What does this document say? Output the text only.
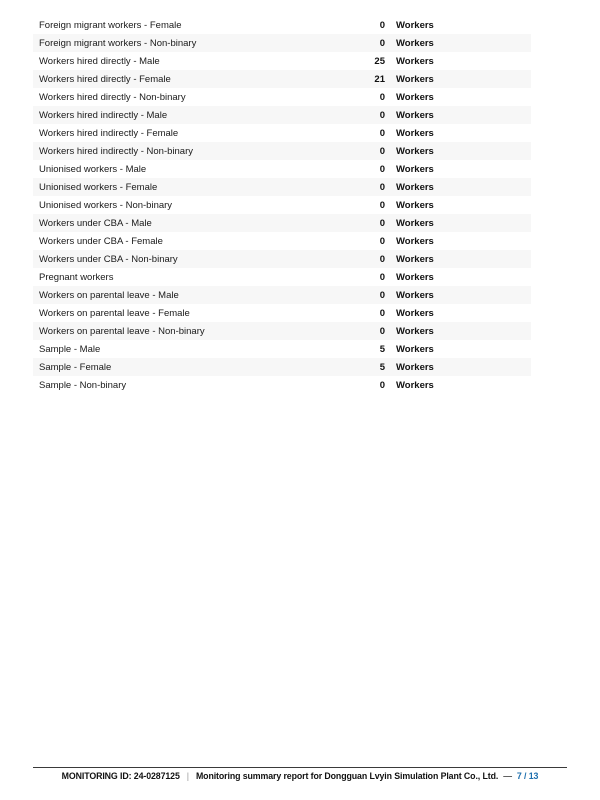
Foreign migrant workers - Female	0 Workers
Foreign migrant workers - Non-binary	0 Workers
Workers hired directly - Male	25 Workers
Workers hired directly - Female	21 Workers
Workers hired directly - Non-binary	0 Workers
Workers hired indirectly - Male	0 Workers
Workers hired indirectly - Female	0 Workers
Workers hired indirectly - Non-binary	0 Workers
Unionised workers - Male	0 Workers
Unionised workers - Female	0 Workers
Unionised workers - Non-binary	0 Workers
Workers under CBA - Male	0 Workers
Workers under CBA - Female	0 Workers
Workers under CBA - Non-binary	0 Workers
Pregnant workers	0 Workers
Workers on parental leave - Male	0 Workers
Workers on parental leave - Female	0 Workers
Workers on parental leave - Non-binary	0 Workers
Sample - Male	5 Workers
Sample - Female	5 Workers
Sample - Non-binary	0 Workers
MONITORING ID: 24-0287125 | Monitoring summary report for Dongguan Lvyin Simulation Plant Co., Ltd. — 7 / 13
